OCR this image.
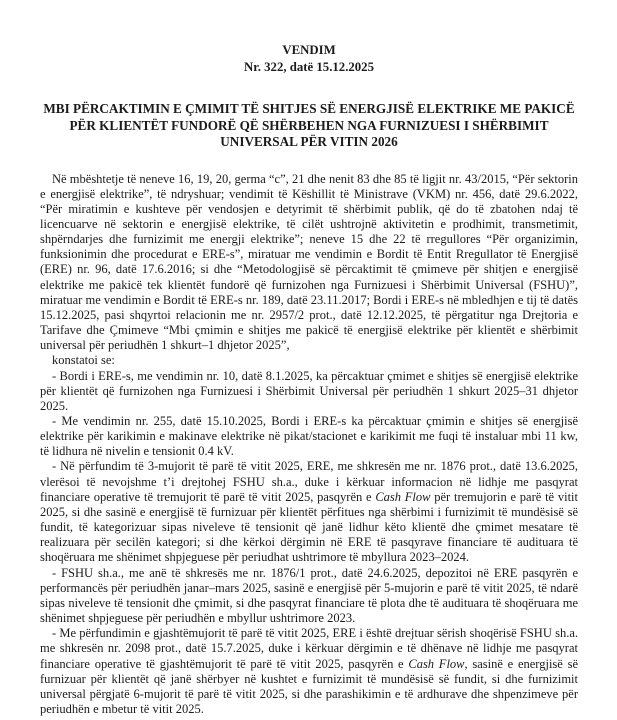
VENDIM
Nr. 322, datë 15.12.2025
MBI PËRCAKTIMIN E ÇMIMIT TË SHITJES SË ENERGJISË ELEKTRIKE ME PAKICË PËR KLIENTËT FUNDORË QË SHËRBEHEN NGA FURNIZUESI I SHËRBIMIT UNIVERSAL PËR VITIN 2026
Në mbështetje të neneve 16, 19, 20, germa “c”, 21 dhe nenit 83 dhe 85 të ligjit nr. 43/2015, “Për sektorin e energjisë elektrike”, të ndryshuar; vendimit të Këshillit të Ministrave (VKM) nr. 456, datë 29.6.2022, “Për miratimin e kushteve për vendosjen e detyrimit të shërbimit publik, që do të zbatohen ndaj të licencuarve në sektorin e energjisë elektrike, të cilët ushtrojnë aktivitetin e prodhimit, transmetimit, shpërndarjes dhe furnizimit me energji elektrike”; neneve 15 dhe 22 të rregullores “Për organizimin, funksionimin dhe procedurat e ERE-s”, miratuar me vendimin e Bordit të Entit Rregullator të Energjisë (ERE) nr. 96, datë 17.6.2016; si dhe “Metodologjisë së përcaktimit të çmimeve për shitjen e energjisë elektrike me pakicë tek klientët fundorë që furnizohen nga Furnizuesi i Shërbimit Universal (FSHU)”, miratuar me vendimin e Bordit të ERE-s nr. 189, datë 23.11.2017; Bordi i ERE-s në mbledhjen e tij të datës 15.12.2025, pasi shqyrtoi relacionin me nr. 2957/2 prot., datë 12.12.2025, të përgatitur nga Drejtoria e Tarifave dhe Çmimeve “Mbi çmimin e shitjes me pakicë të energjisë elektrike për klientët e shërbimit universal për periudhën 1 shkurt–1 dhjetor 2025”,
konstatoi se:
- Bordi i ERE-s, me vendimin nr. 10, datë 8.1.2025, ka përcaktuar çmimet e shitjes së energjisë elektrike për klientët që furnizohen nga Furnizuesi i Shërbimit Universal për periudhën 1 shkurt 2025–31 dhjetor 2025.
- Me vendimin nr. 255, datë 15.10.2025, Bordi i ERE-s ka përcaktuar çmimin e shitjes së energjisë elektrike për karikimin e makinave elektrike në pikat/stacionet e karikimit me fuqi të instaluar mbi 11 kw, të lidhura në nivelin e tensionit 0.4 kV.
- Në përfundim të 3-mujorit të parë të vitit 2025, ERE, me shkresën me nr. 1876 prot., datë 13.6.2025, vlerësoi të nevojshme t’i drejtohej FSHU sh.a., duke i kërkuar informacion në lidhje me pasqyrat financiare operative të tremujorit të parë të vitit 2025, pasqyrën e Cash Flow për tremujorin e parë të vitit 2025, si dhe sasinë e energjisë të furnizuar për klientët përfitues nga shërbimi i furnizimit të mundësisë së fundit, të kategorizuar sipas niveleve të tensionit që janë lidhur këto klientë dhe çmimet mesatare të realizuara për secilën kategori; si dhe kërkoi dërgimin në ERE të pasqyrave financiare të audituara të shoqëruara me shënimet shpjeguese për periudhat ushtrimore të mbyllura 2023–2024.
- FSHU sh.a., me anë të shkresës me nr. 1876/1 prot., datë 24.6.2025, depozitoi në ERE pasqyrën e performancës për periudhën janar–mars 2025, sasinë e energjisë për 5-mujorin e parë të vitit 2025, të ndarë sipas niveleve të tensionit dhe çmimit, si dhe pasqyrat financiare të plota dhe të audituara të shoqëruara me shënimet shpjeguese për periudhën e mbyllur ushtrimore 2023.
- Me përfundimin e gjashtëmujorit të parë të vitit 2025, ERE i është drejtuar sërish shoqërisë FSHU sh.a. me shkresën nr. 2098 prot., datë 15.7.2025, duke i kërkuar dërgimin e të dhënave në lidhje me pasqyrat financiare operative të gjashtëmujorit të parë të vitit 2025, pasqyrën e Cash Flow, sasinë e energjisë së furnizuar për klientët që janë shërbyer në kushtet e furnizimit të mundësisë së fundit, si dhe furnizimit universal përgjatë 6-mujorit të parë të vitit 2025, si dhe parashikimin e të ardhurave dhe shpenzimeve për periudhën e mbetur të vitit 2025.
